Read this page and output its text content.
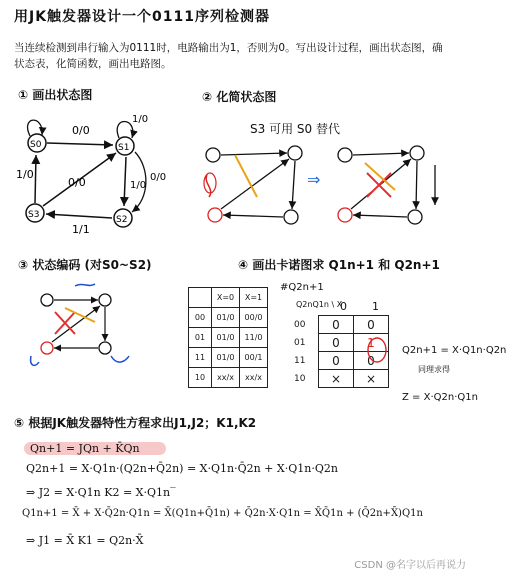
用JK触发器设计一个0111序列检测器
当连续检测到串行输入为0111时，电路输出为1，否则为0。写出设计过程，画出状态图，确
状态表，化简函数，画出电路图。
① 画出状态图
S0	S1
S2
S3
0/0
1/0	0/0
1/0
1/1
0/0
1/0
② 化简状态图
S3 可用 S0 替代
⇒
③ 状态编码 (对S0~S2)	④ 画出卡诺图求 Q1n+1 和 Q2n+1
	X=0	X=1
00	01/0	00/0
01	01/0	11/0
11	01/0	00/1
10	xx/x	xx/x
#Q2n+1
Q2nQ1n \ X
0 1
00	0	0
01	0	1
11	0	0
10	×	×
Q2n+1 = X·Q1n·Q2n
同理求得
Z = X·Q2n·Q1n
⑤ 根据JK触发器特性方程求出J1,J2；K1,K2
Qn+1 = JQn + K̄Qn
Q2n+1 = X·Q1n·(Q2n+Q̄2n) = X·Q1n·Q̄2n + X·Q1n·Q2n
⇒ J2 = X·Q1n K2 = X·Q1n‾
Q1n+1 = X̄ + X·Q̄2n·Q1n = X̄(Q1n+Q̄1n) + Q̄2n·X·Q1n = X̄Q̄1n + (Q̄2n+X̄)Q1n
⇒ J1 = X̄ K1 = Q2n·X̄
CSDN @名字以后再说力
